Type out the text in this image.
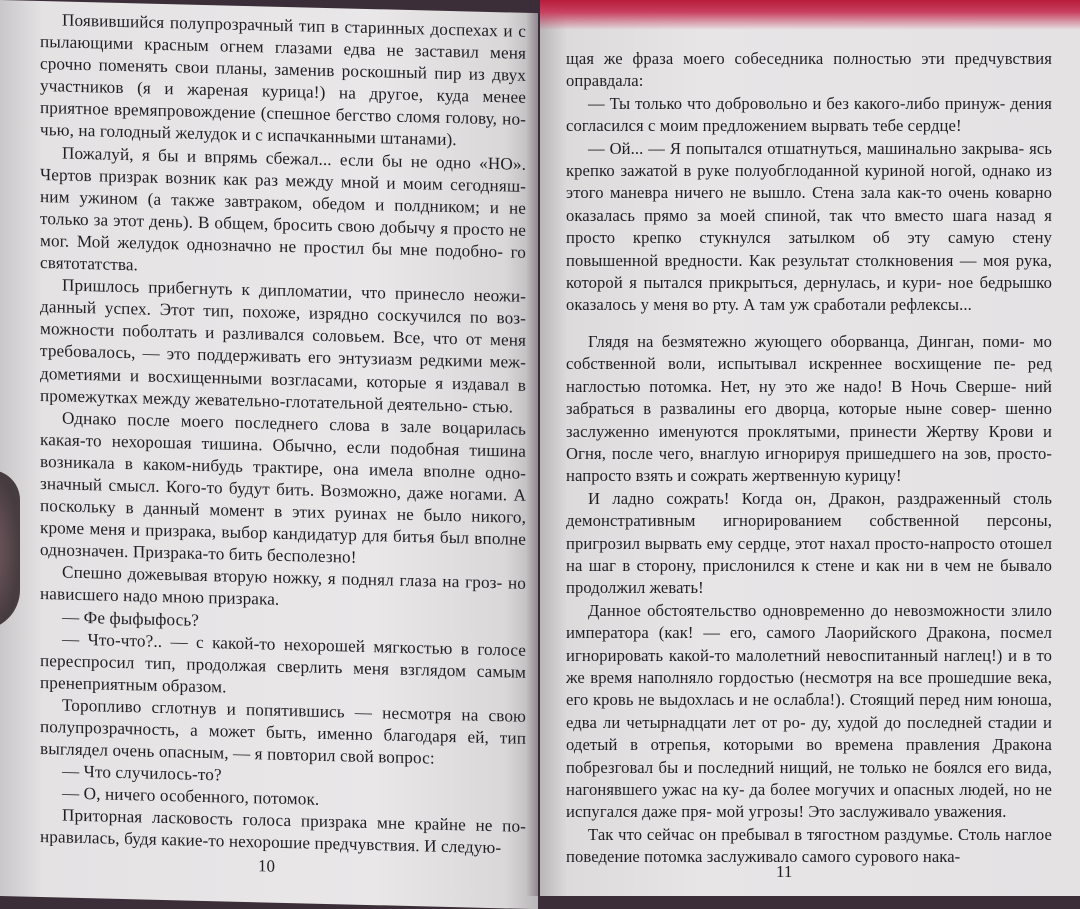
Появившийся полупрозрачный тип в старинных доспехах и с пылающими красным огнем глазами едва не заставил меня срочно поменять свои планы, заменив роскошный пир из двух участников (я и жареная курица!) на другое, куда менее приятное времяпровождение (спешное бегство сломя голову, но- чью, на голодный желудок и с испачканными штанами).

Пожалуй, я бы и впрямь сбежал... если бы не одно «НО». Чертов призрак возник как раз между мной и моим сегодняш- ним ужином (а также завтраком, обедом и полдником; и не только за этот день). В общем, бросить свою добычу я просто не мог. Мой желудок однозначно не простил бы мне подобно- го святотатства.

Пришлось прибегнуть к дипломатии, что принесло неожи- данный успех. Этот тип, похоже, изрядно соскучился по воз- можности поболтать и разливался соловьем. Все, что от меня требовалось, — это поддерживать его энтузиазм редкими меж- дометиями и восхищенными возгласами, которые я издавал в промежутках между жевательно-глотательной деятельно- стью.

Однако после моего последнего слова в зале воцарилась какая-то нехорошая тишина. Обычно, если подобная тишина возникала в каком-нибудь трактире, она имела вполне одно- значный смысл. Кого-то будут бить. Возможно, даже ногами. А поскольку в данный момент в этих руинах не было никого, кроме меня и призрака, выбор кандидатур для битья был вполне однозначен. Призрака-то бить бесполезно!

Спешно дожевывая вторую ножку, я поднял глаза на гроз- но нависшего надо мною призрака.

— Фе фыфыфось?

— Что-что?.. — с какой-то нехорошей мягкостью в голосе переспросил тип, продолжая сверлить меня взглядом самым пренеприятным образом.

Торопливо сглотнув и попятившись — несмотря на свою полупрозрачность, а может быть, именно благодаря ей, тип выглядел очень опасным, — я повторил свой вопрос:

— Что случилось-то?

— О, ничего особенного, потомок.

Приторная ласковость голоса призрака мне крайне не по- нравилась, будя какие-то нехорошие предчувствия. И следую-

10

щая же фраза моего собеседника полностью эти предчувствия оправдала:

— Ты только что добровольно и без какого-либо принуж- дения согласился с моим предложением вырвать тебе сердце!

— Ой... — Я попытался отшатнуться, машинально закрыва- ясь крепко зажатой в руке полуобглоданной куриной ногой, однако из этого маневра ничего не вышло. Стена зала как-то очень коварно оказалась прямо за моей спиной, так что вместо шага назад я просто крепко стукнулся затылком об эту самую стену повышенной вредности. Как результат столкновения — моя рука, которой я пытался прикрыться, дернулась, и кури- ное бедрышко оказалось у меня во рту. А там уж сработали рефлексы...

Глядя на безмятежно жующего оборванца, Динган, поми- мо собственной воли, испытывал искреннее восхищение пе- ред наглостью потомка. Нет, ну это же надо! В Ночь Сверше- ний забраться в развалины его дворца, которые ныне совер- шенно заслуженно именуются проклятыми, принести Жертву Крови и Огня, после чего, внаглую игнорируя пришедшего на зов, просто-напросто взять и сожрать жертвенную курицу!

И ладно сожрать! Когда он, Дракон, раздраженный столь демонстративным игнорированием собственной персоны, пригрозил вырвать ему сердце, этот нахал просто-напросто отошел на шаг в сторону, прислонился к стене и как ни в чем не бывало продолжил жевать!

Данное обстоятельство одновременно до невозможности злило императора (как! — его, самого Лаорийского Дракона, посмел игнорировать какой-то малолетний невоспитанный наглец!) и в то же время наполняло гордостью (несмотря на все прошедшие века, его кровь не выдохлась и не ослабла!). Стоящий перед ним юноша, едва ли четырнадцати лет от ро- ду, худой до последней стадии и одетый в отрепья, которыми во времена правления Дракона побрезговал бы и последний нищий, не только не боялся его вида, нагонявшего ужас на ку- да более могучих и опасных людей, но не испугался даже пря- мой угрозы! Это заслуживало уважения.

Так что сейчас он пребывал в тягостном раздумье. Столь наглое поведение потомка заслуживало самого сурового нака-

11
